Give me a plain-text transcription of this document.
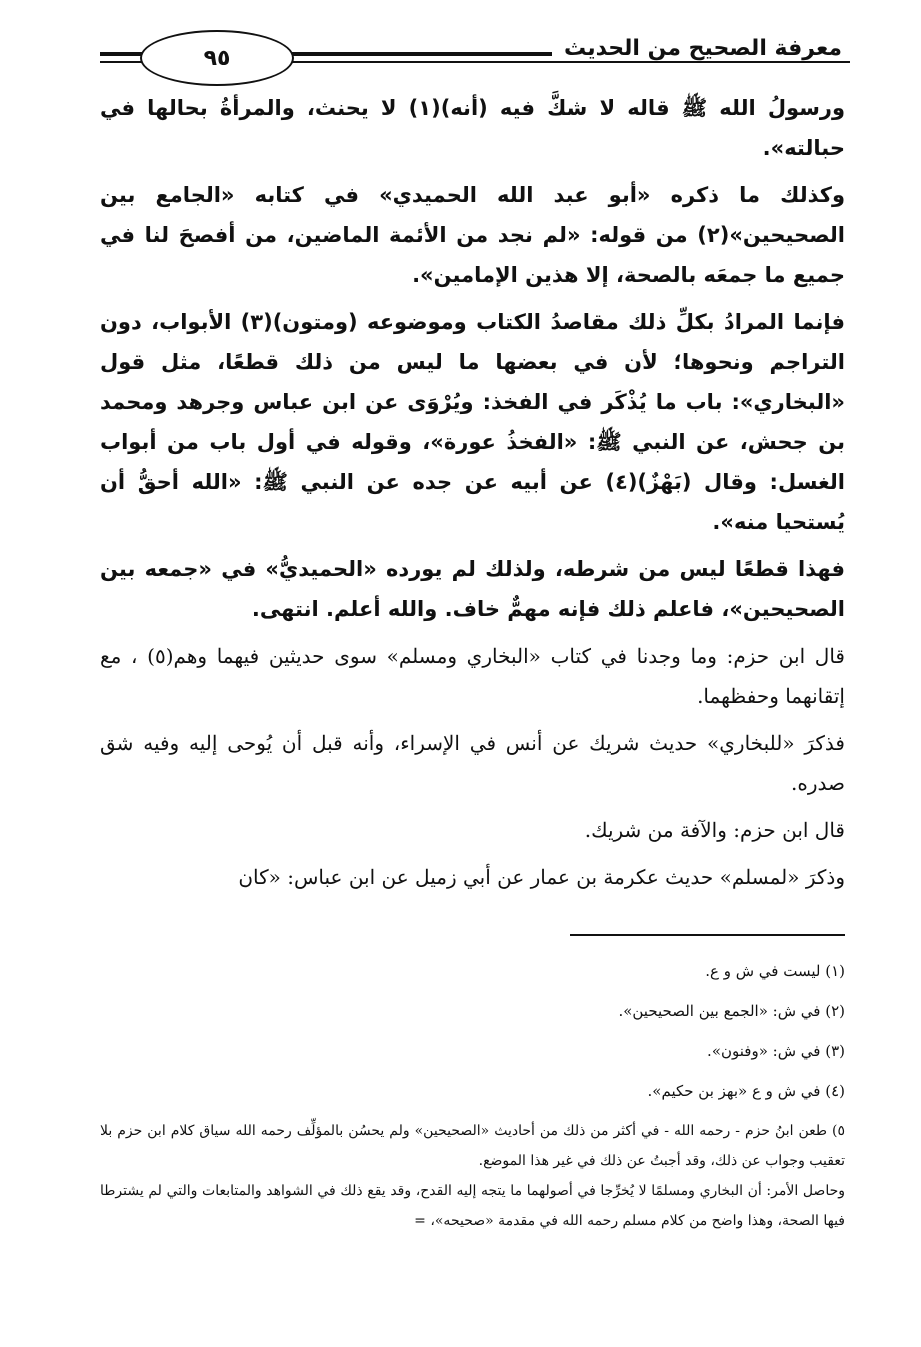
معرفة الصحيح من الحديث
٩٥

ورسولُ الله ﷺ قاله لا شكَّ فيه (أنه)(١) لا يحنث، والمرأةُ بحالها في حبالته».

وكذلك ما ذكره «أبو عبد الله الحميدي» في كتابه «الجامع بين الصحيحين»(٢) من قوله: «لم نجد من الأئمة الماضين، من أفصحَ لنا في جميع ما جمعَه بالصحة، إلا هذين الإمامين».

فإنما المرادُ بكلِّ ذلك مقاصدُ الكتاب وموضوعه (ومتون)(٣) الأبواب، دون التراجم ونحوها؛ لأن في بعضها ما ليس من ذلك قطعًا، مثل قول «البخاري»: باب ما يُذْكَر في الفخذ: ويُرْوَى عن ابن عباس وجرهد ومحمد بن جحش، عن النبي ﷺ: «الفخذُ عورة»، وقوله في أول باب من أبواب الغسل: وقال (بَهْزٌ)(٤) عن أبيه عن جده عن النبي ﷺ: «الله أحقُّ أن يُستحيا منه».

فهذا قطعًا ليس من شرطه، ولذلك لم يورده «الحميديُّ» في «جمعه بين الصحيحين»، فاعلم ذلك فإنه مهمٌّ خاف. والله أعلم. انتهى.

قال ابن حزم: وما وجدنا في كتاب «البخاري ومسلم» سوى حديثين فيهما وهم(٥) ، مع إتقانهما وحفظهما.

فذكرَ «للبخاري» حديث شريك عن أنس في الإسراء، وأنه قبل أن يُوحى إليه وفيه شق صدره.

قال ابن حزم: والآفة من شريك.

وذكرَ «لمسلم» حديث عكرمة بن عمار عن أبي زميل عن ابن عباس: «كان

(١) ليست في ش و ع.

(٢) في ش: «الجمع بين الصحيحين».

(٣) في ش: «وفنون».

(٤) في ش و ع «بهز بن حكيم».

٥) طعن ابنُ حزم - رحمه الله - في أكثر من ذلك من أحاديث «الصحيحين» ولم يحسُن بالمؤلِّف رحمه الله سياق كلام ابن حزم بلا تعقيب وجواب عن ذلك، وقد أجبتُ عن ذلك في غير هذا الموضع.

وحاصل الأمر: أن البخاري ومسلمًا لا يُخرِّجا في أصولهما ما يتجه إليه القدح، وقد يقع ذلك في الشواهد والمتابعات والتي لم يشترطا فيها الصحة، وهذا واضح من كلام مسلم رحمه الله في مقدمة «صحيحه»، =
